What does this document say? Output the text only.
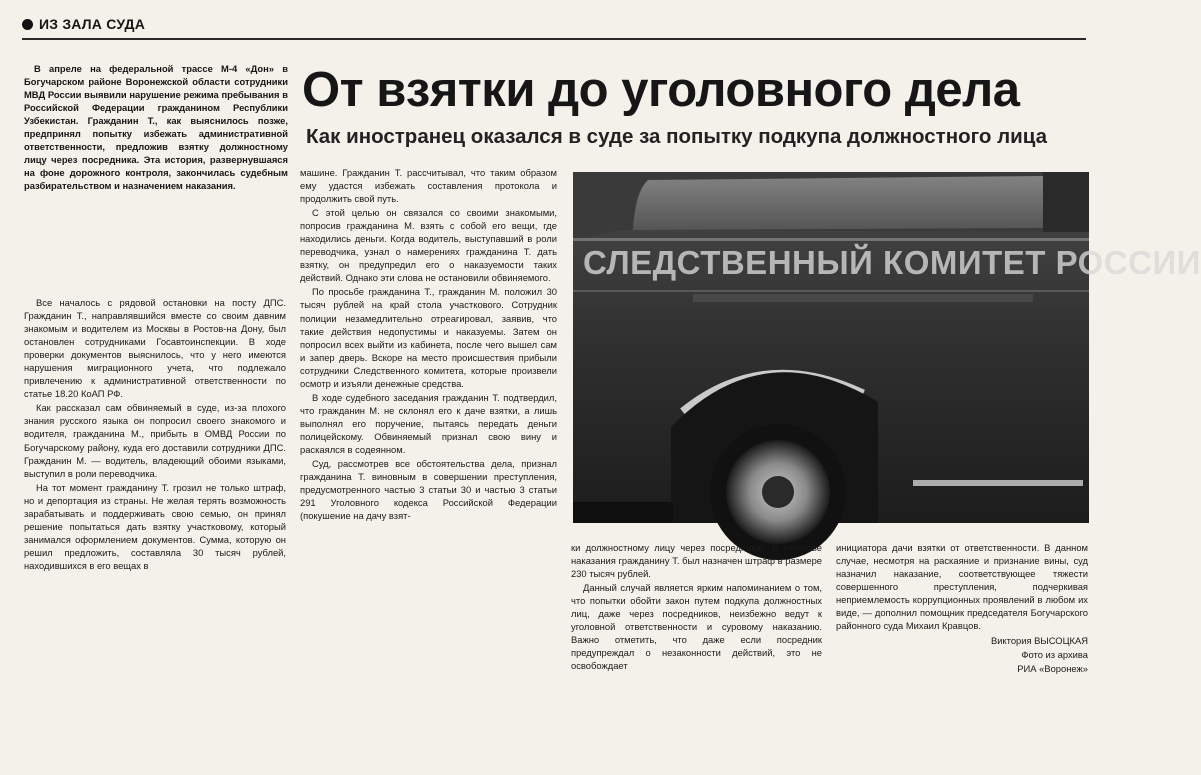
ИЗ ЗАЛА СУДА
От взятки до уголовного дела
Как иностранец оказался в суде за попытку подкупа должностного лица
В апреле на федеральной трассе М-4 «Дон» в Богучарском районе Воронежской области сотрудники МВД России выявили нарушение режима пребывания в Российской Федерации гражданином Республики Узбекистан. Гражданин Т., как выяснилось позже, предпринял попытку избежать административной ответственности, предложив взятку должностному лицу через посредника. Эта история, развернувшаяся на фоне дорожного контроля, закончилась судебным разбирательством и назначением наказания.

Все началось с рядовой остановки на посту ДПС. Гражданин Т., направлявшийся вместе со своим давним знакомым и водителем из Москвы в Ростов-на Дону, был остановлен сотрудниками Госавтоинспекции. В ходе проверки документов выяснилось, что у него имеются нарушения миграционного учета, что подлежало привлечению к административной ответственности по статье 18.20 КоАП РФ.

Как рассказал сам обвиняемый в суде, из-за плохого знания русского языка он попросил своего знакомого и водителя, гражданина М., прибыть в ОМВД России по Богучарскому району, куда его доставили сотрудники ДПС. Гражданин М. — водитель, владеющий обоими языками, выступил в роли переводчика.

На тот момент гражданину Т. грозил не только штраф, но и депортация из страны. Не желая терять возможность зарабатывать и поддерживать свою семью, он принял решение попытаться дать взятку участковому, который занимался оформлением документов. Сумма, которую он решил предложить, составляла 30 тысяч рублей, находившихся в его вещах в

машине. Гражданин Т. рассчитывал, что таким образом ему удастся избежать составления протокола и продолжить свой путь.

С этой целью он связался со своими знакомыми, попросив гражданина М. взять с собой его вещи, где находились деньги. Когда водитель, выступавший в роли переводчика, узнал о намерениях гражданина Т. дать взятку, он предупредил его о наказуемости таких действий. Однако эти слова не остановили обвиняемого.

По просьбе гражданина Т., гражданин М. положил 30 тысяч рублей на край стола участкового. Сотрудник полиции незамедлительно отреагировал, заявив, что такие действия недопустимы и наказуемы. Затем он попросил всех выйти из кабинета, после чего вышел сам и запер дверь. Вскоре на место происшествия прибыли сотрудники Следственного комитета, которые произвели осмотр и изъяли денежные средства.

В ходе судебного заседания гражданин Т. подтвердил, что гражданин М. не склонял его к даче взятки, а лишь выполнял его поручение, пытаясь передать деньги полицейскому. Обвиняемый признал свою вину и раскаялся в содеянном.

Суд, рассмотрев все обстоятельства дела, признал гражданина Т. виновным в совершении преступления, предусмотренного частью 3 статьи 30 и частью 3 статьи 291 Уголовного кодекса Российской Федерации (покушение на дачу взят-

СЛЕДСТВЕННЫЙ КОМИТЕТ РОССИИ

ки должностному лицу через посредника). В качестве наказания гражданину Т. был назначен штраф в размере 230 тысяч рублей.

Данный случай является ярким напоминанием о том, что попытки обойти закон путем подкупа должностных лиц, даже через посредников, неизбежно ведут к уголовной ответственности и суровому наказанию. Важно отметить, что даже если посредник предупреждал о незаконности действий, это не освобождает

инициатора дачи взятки от ответственности. В данном случае, несмотря на раскаяние и признание вины, суд назначил наказание, соответствующее тяжести совершенного преступления, подчеркивая неприемлемость коррупционных проявлений в любом их виде, — дополнил помощник председателя Богучарского районного суда Михаил Кравцов.

Виктория ВЫСОЦКАЯ

Фото из архива

РИА «Воронеж»
